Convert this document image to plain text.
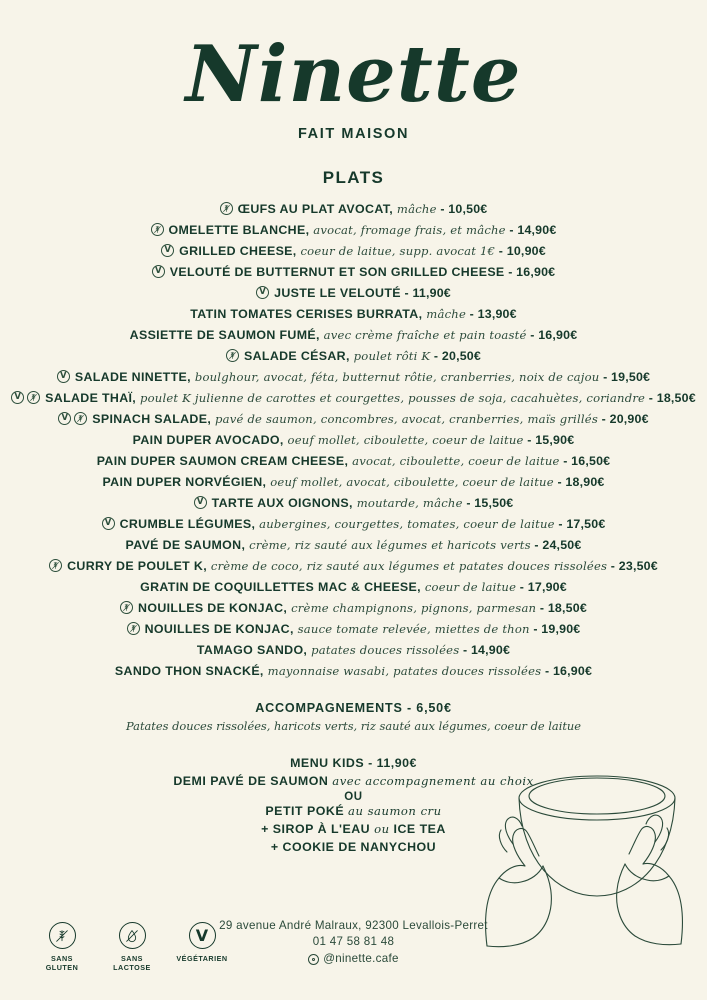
Ninette
FAIT MAISON
PLATS
ŒUFS AU PLAT AVOCAT, mâche - 10,50€
OMELETTE BLANCHE, avocat, fromage frais, et mâche - 14,90€
V GRILLED CHEESE, coeur de laitue, supp. avocat 1€ - 10,90€
V VELOUTÉ DE BUTTERNUT ET SON GRILLED CHEESE - 16,90€
V JUSTE LE VELOUTÉ - 11,90€
TATIN TOMATES CERISES BURRATA, mâche - 13,90€
ASSIETTE DE SAUMON FUMÉ, avec crème fraîche et pain toasté - 16,90€
SALADE CÉSAR, poulet rôti K - 20,50€
V SALADE NINETTE, boulghour, avocat, féta, butternut rôtie, cranberries, noix de cajou - 19,50€
V SALADE THAÏ, poulet K julienne de carottes et courgettes, pousses de soja, cacahuètes, coriandre - 18,50€
V SPINACH SALADE, pavé de saumon, concombres, avocat, cranberries, maïs grillés - 20,90€
PAIN DUPER AVOCADO, oeuf mollet, ciboulette, coeur de laitue - 15,90€
PAIN DUPER SAUMON CREAM CHEESE, avocat, ciboulette, coeur de laitue - 16,50€
PAIN DUPER NORVÉGIEN, oeuf mollet, avocat, ciboulette, coeur de laitue - 18,90€
V TARTE AUX OIGNONS, moutarde, mâche - 15,50€
V CRUMBLE LÉGUMES, aubergines, courgettes, tomates, coeur de laitue - 17,50€
PAVÉ DE SAUMON, crème, riz sauté aux légumes et haricots verts - 24,50€
CURRY DE POULET K, crème de coco, riz sauté aux légumes et patates douces rissolées - 23,50€
GRATIN DE COQUILLETTES MAC & CHEESE, coeur de laitue - 17,90€
NOUILLES DE KONJAC, crème champignons, pignons, parmesan - 18,50€
NOUILLES DE KONJAC, sauce tomate relevée, miettes de thon - 19,90€
TAMAGO SANDO, patates douces rissolées - 14,90€
SANDO THON SNACKÉ, mayonnaise wasabi, patates douces rissolées - 16,90€
ACCOMPAGNEMENTS - 6,50€
Patates douces rissolées, haricots verts, riz sauté aux légumes, coeur de laitue
MENU KIDS - 11,90€
DEMI PAVÉ DE SAUMON avec accompagnement au choix
OU
PETIT POKÉ au saumon cru
+ SIROP À L'EAU ou ICE TEA
+ COOKIE DE NANYCHOU
29 avenue André Malraux, 92300 Levallois-Perret
01 47 58 81 48
@ninette.cafe
SANS
GLUTEN
SANS
LACTOSE
V
VÉGÉTARIEN
